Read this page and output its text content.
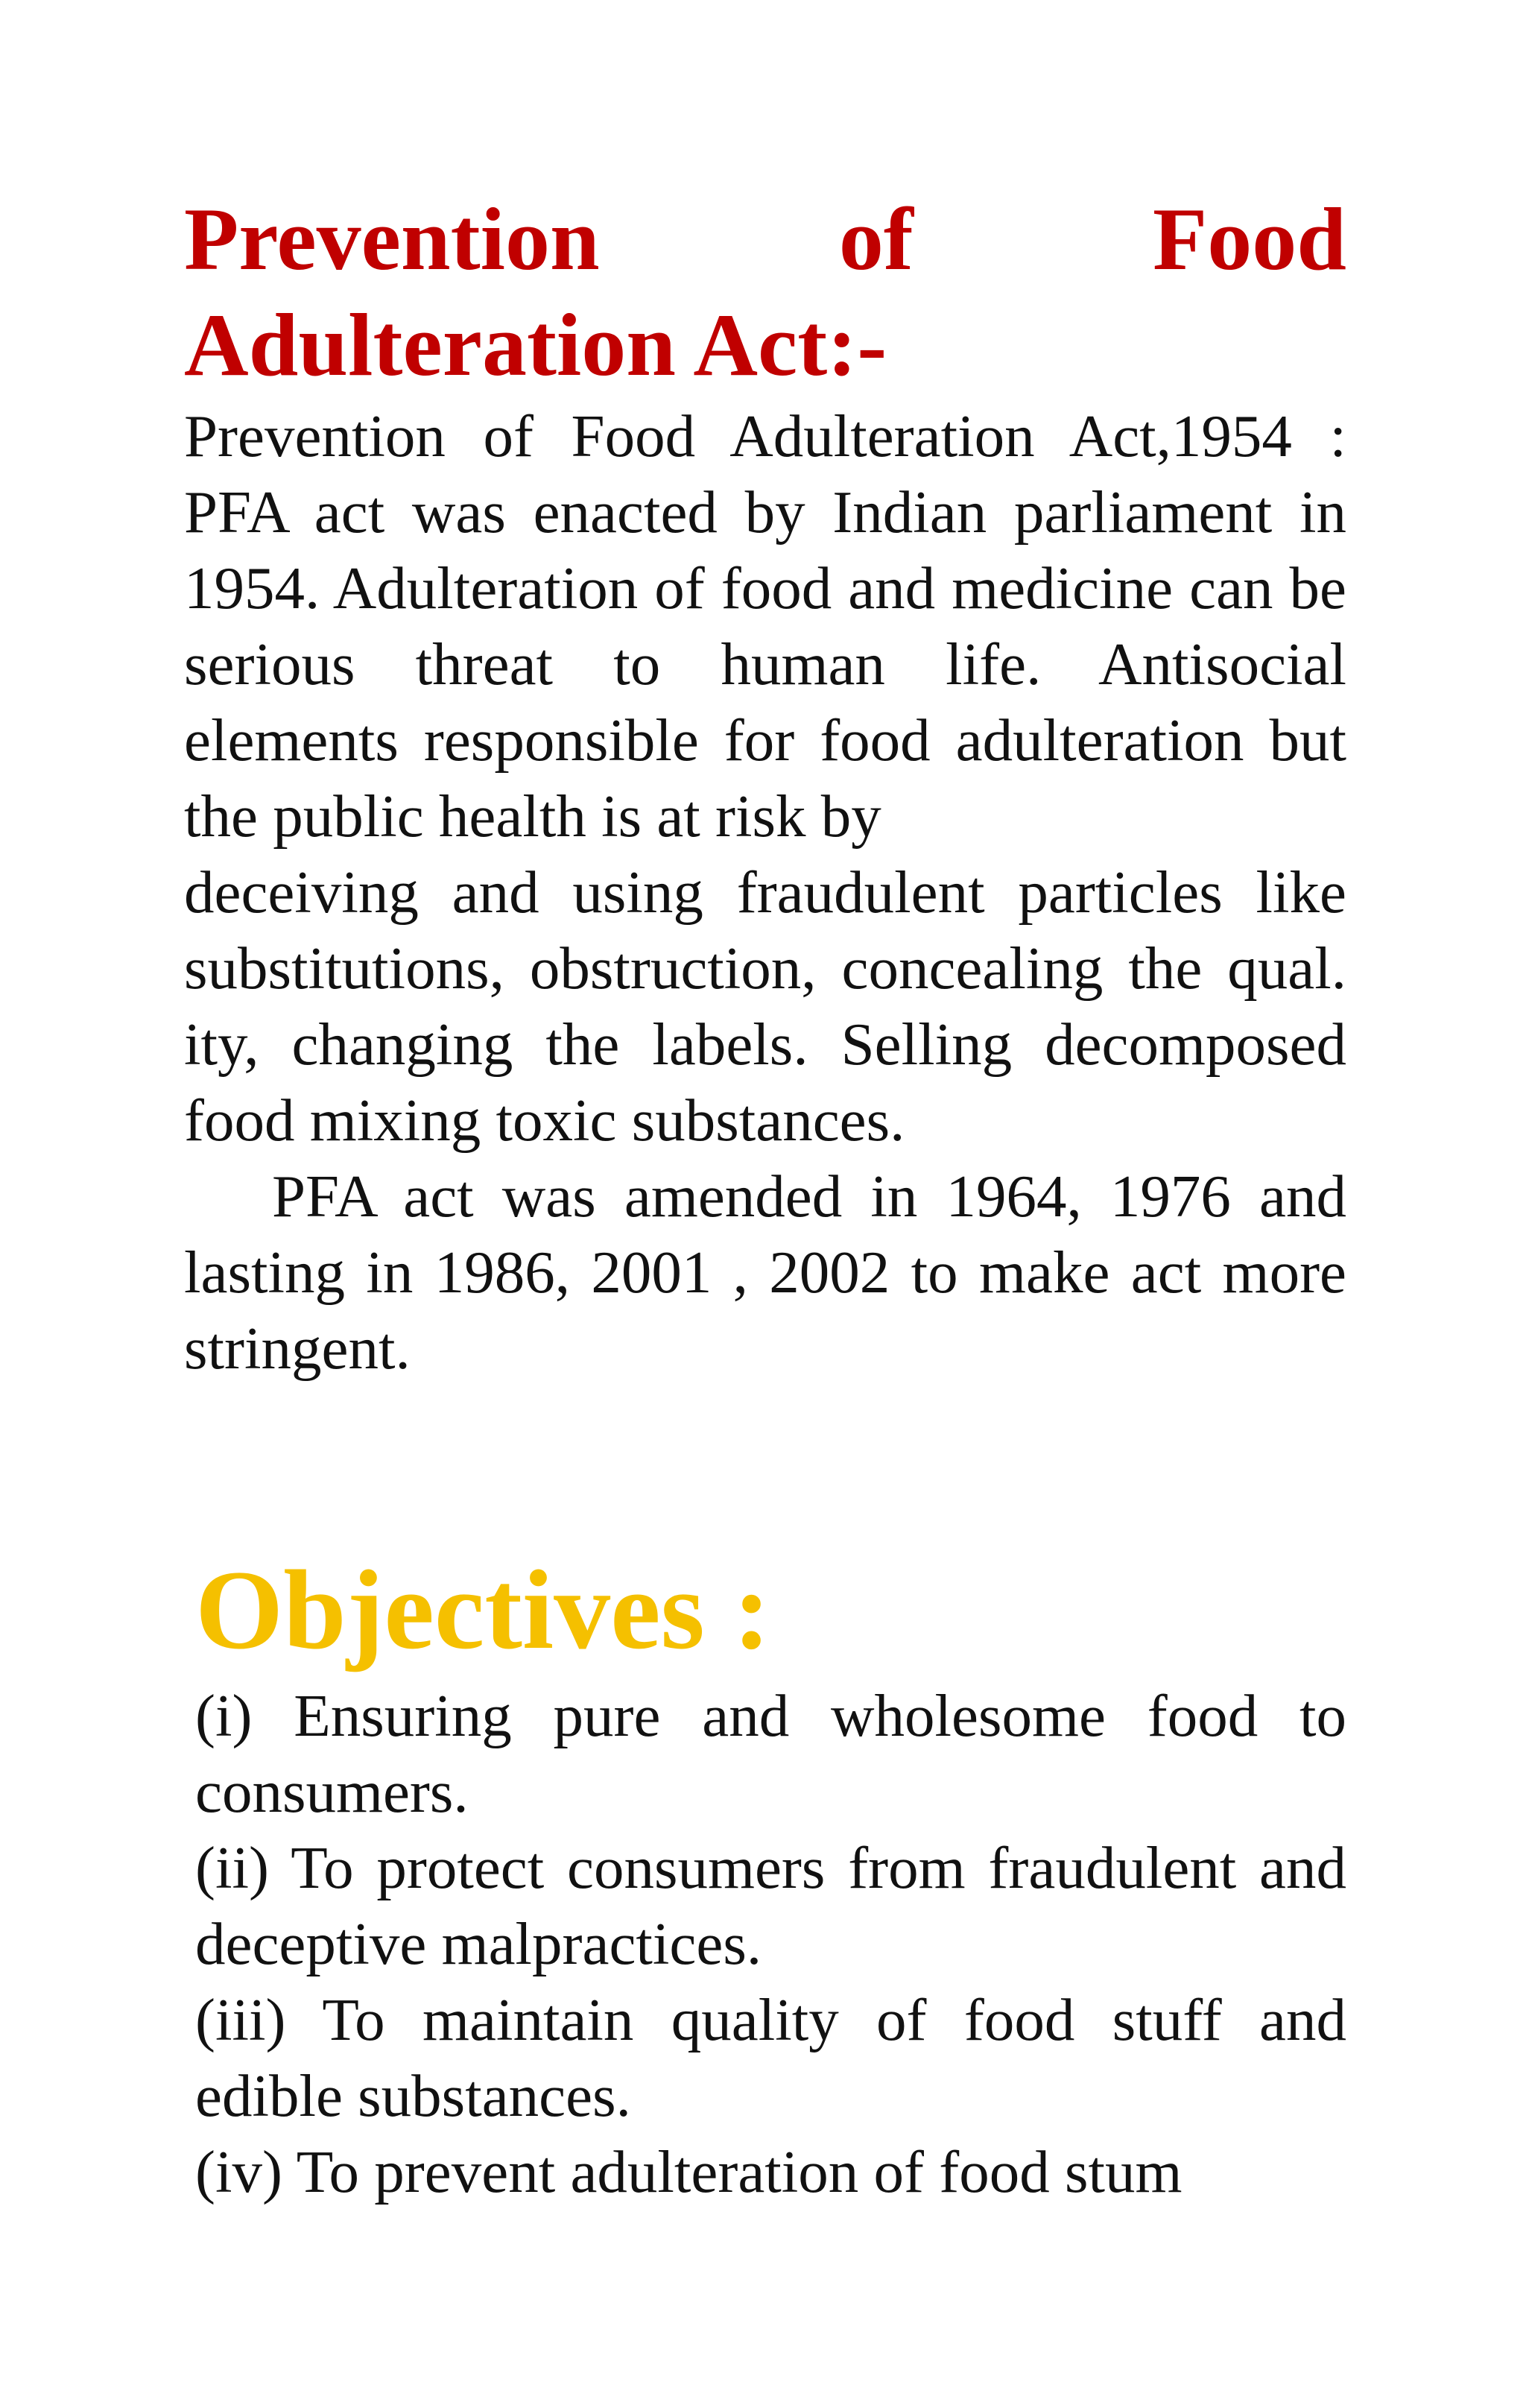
Prevention of Food
Adulteration Act:-

Prevention of Food Adulteration Act,1954 : PFA act was enacted by Indian parliament in 1954. Adulteration of food and medicine can be serious threat to human life. Antisocial elements responsible for food adulteration but the public health is at risk by

deceiving and using fraudulent particles like substitutions, obstruction, concealing the qual. ity, changing the labels. Selling decomposed food mixing toxic substances.

PFA act was amended in 1964, 1976 and lasting in 1986, 2001 , 2002 to make act more stringent.

Objectives :

(i) Ensuring pure and wholesome food to consumers.

(ii) To protect consumers from fraudulent and deceptive malpractices.

(iii) To maintain quality of food stuff and edible substances.

(iv) To prevent adulteration of food stum
